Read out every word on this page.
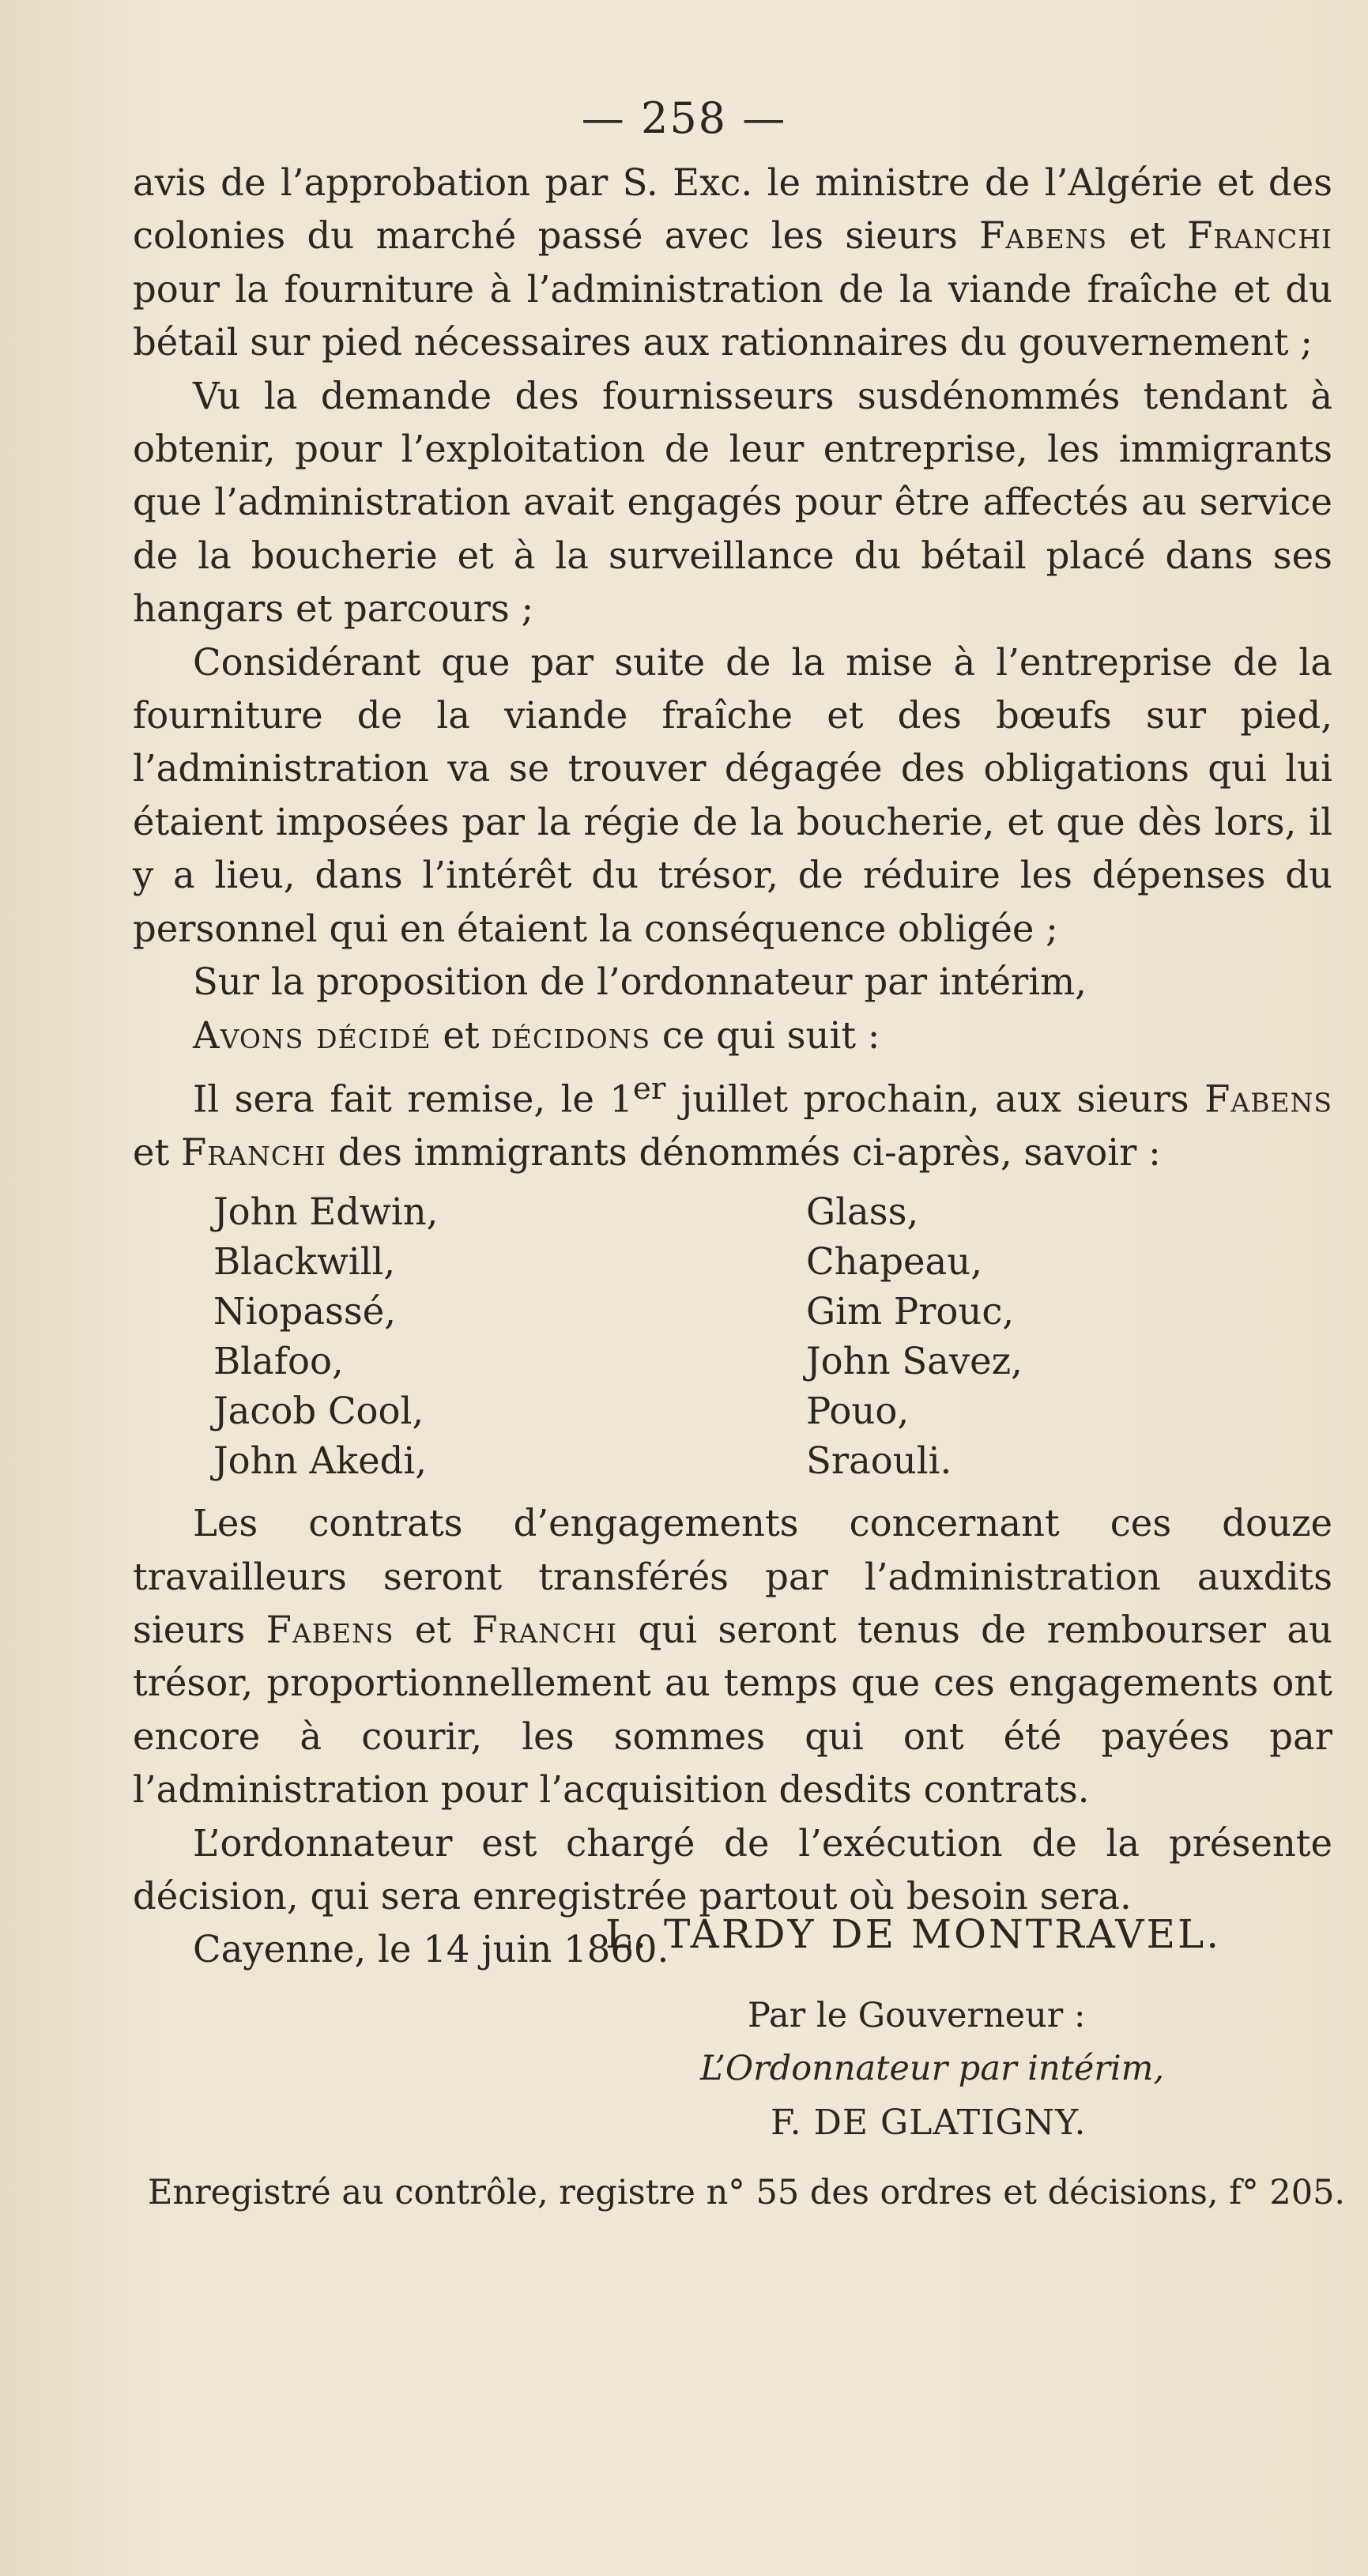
— 258 —

avis de l’approbation par S. Exc. le ministre de l’Algérie et des colonies du marché passé avec les sieurs Fabens et Franchi pour la fourniture à l’administration de la viande fraîche et du bétail sur pied nécessaires aux rationnaires du gouvernement ;

Vu la demande des fournisseurs susdénommés tendant à obtenir, pour l’exploitation de leur entreprise, les immigrants que l’administration avait engagés pour être affectés au service de la boucherie et à la surveillance du bétail placé dans ses hangars et parcours ;

Considérant que par suite de la mise à l’entreprise de la fourniture de la viande fraîche et des bœufs sur pied, l’administration va se trouver dégagée des obligations qui lui étaient imposées par la régie de la boucherie, et que dès lors, il y a lieu, dans l’intérêt du trésor, de réduire les dépenses du personnel qui en étaient la conséquence obligée ;

Sur la proposition de l’ordonnateur par intérim,

Avons décidé et décidons ce qui suit :

Il sera fait remise, le 1er juillet prochain, aux sieurs Fabens et Franchi des immigrants dénommés ci-après, savoir :

John Edwin,	Glass,
Blackwill,	Chapeau,
Niopassé,	Gim Prouc,
Blafoo,	John Savez,
Jacob Cool,	Pouo,
John Akedi,	Sraouli.

Les contrats d’engagements concernant ces douze travailleurs seront transférés par l’administration auxdits sieurs Fabens et Franchi qui seront tenus de rembourser au trésor, proportionnellement au temps que ces engagements ont encore à courir, les sommes qui ont été payées par l’administration pour l’acquisition desdits contrats.

L’ordonnateur est chargé de l’exécution de la présente décision, qui sera enregistrée partout où besoin sera.

Cayenne, le 14 juin 1860.

L. TARDY DE MONTRAVEL.
Par le Gouverneur :
L’Ordonnateur par intérim,
F. DE GLATIGNY.
Enregistré au contrôle, registre n° 55 des ordres et décisions, f° 205.
